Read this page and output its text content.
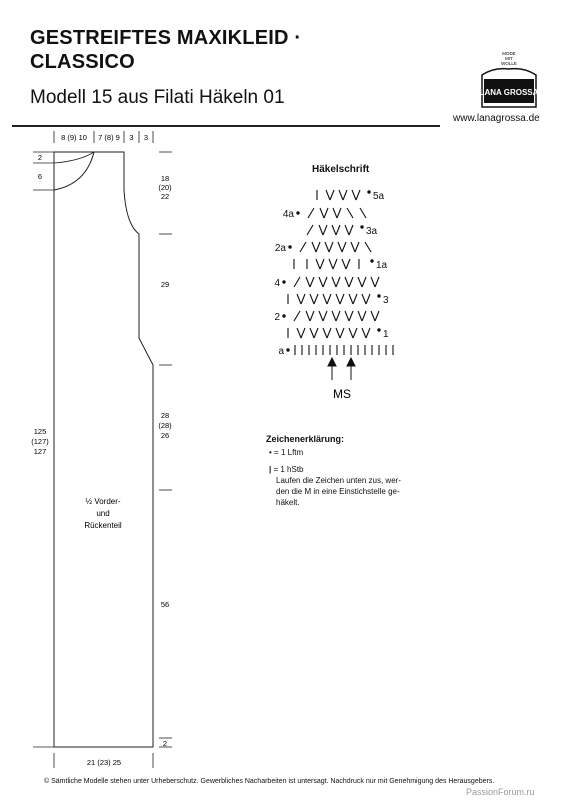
GESTREIFTES MAXIKLEID ·
CLASSICO
Modell 15 aus Filati Häkeln 01
MODE
MIT
WOLLE
LANA GROSSA
www.lanagrossa.de
8 (9) 10 7 (8) 9 3 3
2
6
125
(127)
127
18
(20)
22
29
28
(28)
26
56
2
21 (23) 25
½ Vorder-
und
Rückenteil
Häkelschrift
5a
4a
3a
2a
1a
4
3
2
1
a
MS
Zeichenerklärung:
• = 1 Lftm
| = 1 hStb
Laufen die Zeichen unten zus, wer-
den die M in eine Einstichstelle ge-
häkelt.
© Sämtliche Modelle stehen unter Urheberschutz. Gewerbliches Nacharbeiten ist untersagt. Nachdruck nur mit Genehmigung des Herausgebers.
PassionForum.ru
